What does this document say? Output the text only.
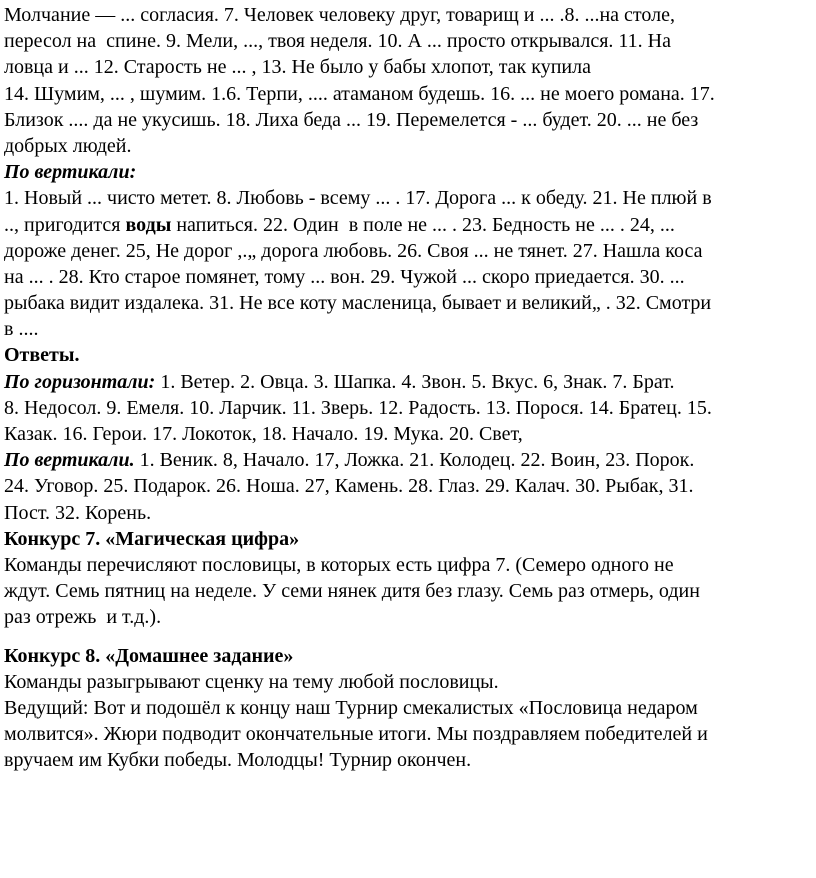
Молчание — ... согласия. 7. Человек человеку друг, товарищ и ... .8. ...на столе,
пересол на  спине. 9. Мели, ..., твоя неделя. 10. А ... просто открывался. 11. На
ловца и ... 12. Старость не ... , 13. Не было у бабы хлопот, так купила
14. Шумим, ... , шумим. 1.6. Терпи, .... атаманом будешь. 16. ... не моего романа. 17.
Близок .... да не укусишь. 18. Лиха беда ... 19. Перемелется - ... будет. 20. ... не без
добрых людей.
По вертикали:
1. Новый ... чисто метет. 8. Любовь - всему ... . 17. Дорога ... к обеду. 21. Не плюй в
.., пригодится воды напиться. 22. Один  в поле не ... . 23. Бедность не ... . 24, ...
дороже денег. 25, Не дорог ,.„ дорога любовь. 26. Своя ... не тянет. 27. Нашла коса
на ... . 28. Кто старое помянет, тому ... вон. 29. Чужой ... скоро приедается. 30. ...
рыбака видит издалека. 31. Не все коту масленица, бывает и великий„ . 32. Смотри
в ....
Ответы.
По горизонтали: 1. Ветер. 2. Овца. 3. Шапка. 4. Звон. 5. Вкус. 6, Знак. 7. Брат.
8. Недосол. 9. Емеля. 10. Ларчик. 11. Зверь. 12. Радость. 13. Порося. 14. Братец. 15.
Казак. 16. Герои. 17. Локоток, 18. Начало. 19. Мука. 20. Свет,
По вертикали. 1. Веник. 8, Начало. 17, Ложка. 21. Колодец. 22. Воин, 23. Порок.
24. Уговор. 25. Подарок. 26. Ноша. 27, Камень. 28. Глаз. 29. Калач. 30. Рыбак, 31.
Пост. 32. Корень.
Конкурс 7. «Магическая цифра»
Команды перечисляют пословицы, в которых есть цифра 7. (Семеро одного не
ждут. Семь пятниц на неделе. У семи нянек дитя без глазу. Семь раз отмерь, один
раз отрежь  и т.д.).
Конкурс 8. «Домашнее задание»
Команды разыгрывают сценку на тему любой пословицы.
Ведущий: Вот и подошёл к концу наш Турнир смекалистых «Пословица недаром
молвится». Жюри подводит окончательные итоги. Мы поздравляем победителей и
вручаем им Кубки победы. Молодцы! Турнир окончен.
